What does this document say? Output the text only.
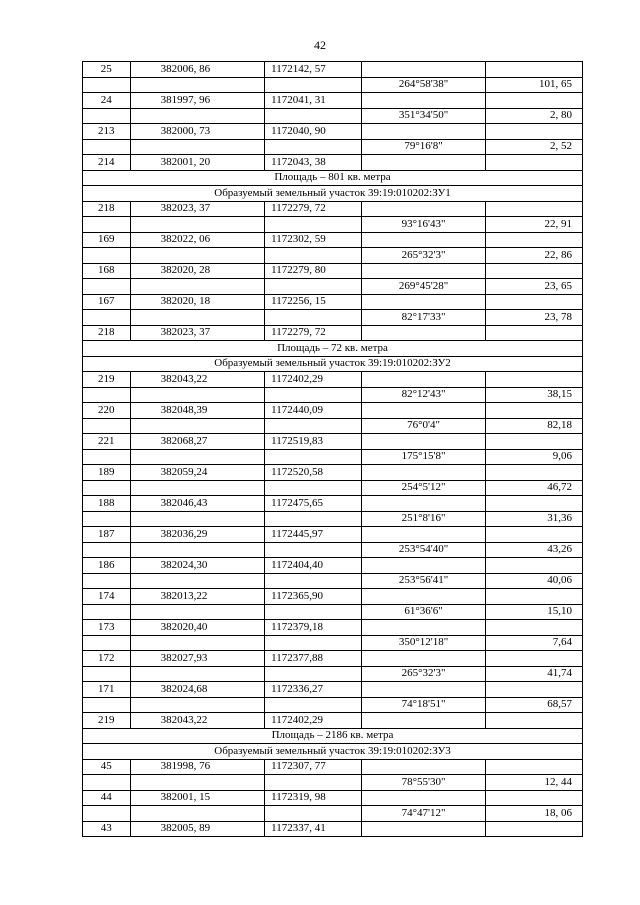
42
25	382006, 86	1172142, 57		
			264°58'38"	101, 65
24	381997, 96	1172041, 31		
			351°34'50"	2, 80
213	382000, 73	1172040, 90		
			79°16'8"	2, 52
214	382001, 20	1172043, 38		
Площадь – 801 кв. метра				
Образуемый земельный участок 39:19:010202:ЗУ1				
218	382023, 37	1172279, 72		
			93°16'43"	22, 91
169	382022, 06	1172302, 59		
			265°32'3"	22, 86
168	382020, 28	1172279, 80		
			269°45'28"	23, 65
167	382020, 18	1172256, 15		
			82°17'33"	23, 78
218	382023, 37	1172279, 72		
Площадь – 72 кв. метра				
Образуемый земельный участок 39:19:010202:ЗУ2				
219	382043,22	1172402,29		
			82°12'43"	38,15
220	382048,39	1172440,09		
			76°0'4"	82,18
221	382068,27	1172519,83		
			175°15'8"	9,06
189	382059,24	1172520,58		
			254°5'12"	46,72
188	382046,43	1172475,65		
			251°8'16"	31,36
187	382036,29	1172445,97		
			253°54'40"	43,26
186	382024,30	1172404,40		
			253°56'41"	40,06
174	382013,22	1172365,90		
			61°36'6"	15,10
173	382020,40	1172379,18		
			350°12'18"	7,64
172	382027,93	1172377,88		
			265°32'3"	41,74
171	382024,68	1172336,27		
			74°18'51"	68,57
219	382043,22	1172402,29		
Площадь – 2186 кв. метра				
Образуемый земельный участок 39:19:010202:ЗУ3				
45	381998, 76	1172307, 77		
			78°55'30"	12, 44
44	382001, 15	1172319, 98		
			74°47'12"	18, 06
43	382005, 89	1172337, 41		
